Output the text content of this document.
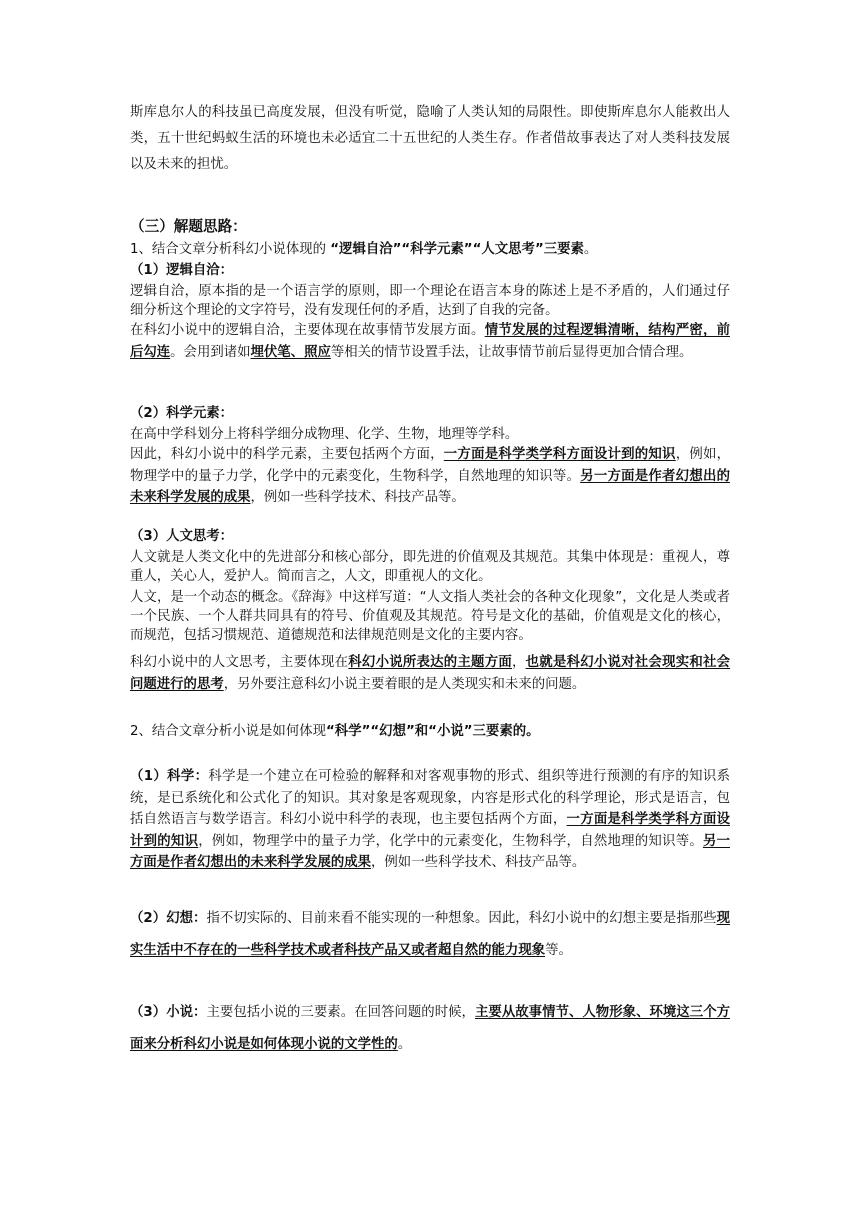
斯库息尔人的科技虽已高度发展，但没有听觉，隐喻了人类认知的局限性。即使斯库息尔人能救出人类，五十世纪蚂蚁生活的环境也未必适宜二十五世纪的人类生存。作者借故事表达了对人类科技发展以及未来的担忧。

（三）解题思路：

1、结合文章分析科幻小说体现的 “逻辑自洽”“科学元素”“人文思考”三要素。

（1）逻辑自洽：

逻辑自洽，原本指的是一个语言学的原则，即一个理论在语言本身的陈述上是不矛盾的，人们通过仔细分析这个理论的文字符号，没有发现任何的矛盾，达到了自我的完备。

在科幻小说中的逻辑自洽，主要体现在故事情节发展方面。情节发展的过程逻辑清晰，结构严密，前后勾连。会用到诸如埋伏笔、照应等相关的情节设置手法，让故事情节前后显得更加合情合理。

（2）科学元素：

在高中学科划分上将科学细分成物理、化学、生物，地理等学科。

因此，科幻小说中的科学元素，主要包括两个方面，一方面是科学类学科方面设计到的知识，例如，物理学中的量子力学，化学中的元素变化，生物科学，自然地理的知识等。另一方面是作者幻想出的未来科学发展的成果，例如一些科学技术、科技产品等。

（3）人文思考：

人文就是人类文化中的先进部分和核心部分，即先进的价值观及其规范。其集中体现是：重视人，尊重人，关心人，爱护人。简而言之，人文，即重视人的文化。

人文，是一个动态的概念。《辞海》中这样写道：“人文指人类社会的各种文化现象”，文化是人类或者一个民族、一个人群共同具有的符号、价值观及其规范。符号是文化的基础，价值观是文化的核心，而规范，包括习惯规范、道德规范和法律规范则是文化的主要内容。

科幻小说中的人文思考，主要体现在科幻小说所表达的主题方面，也就是科幻小说对社会现实和社会问题进行的思考，另外要注意科幻小说主要着眼的是人类现实和未来的问题。

2、结合文章分析小说是如何体现“科学”“幻想”和“小说”三要素的。

（1）科学：科学是一个建立在可检验的解释和对客观事物的形式、组织等进行预测的有序的知识系统，是已系统化和公式化了的知识。其对象是客观现象，内容是形式化的科学理论，形式是语言，包括自然语言与数学语言。科幻小说中科学的表现，也主要包括两个方面，一方面是科学类学科方面设计到的知识，例如，物理学中的量子力学，化学中的元素变化，生物科学，自然地理的知识等。另一方面是作者幻想出的未来科学发展的成果，例如一些科学技术、科技产品等。

（2）幻想：指不切实际的、目前来看不能实现的一种想象。因此，科幻小说中的幻想主要是指那些现实生活中不存在的一些科学技术或者科技产品又或者超自然的能力现象等。

（3）小说：主要包括小说的三要素。在回答问题的时候，主要从故事情节、人物形象、环境这三个方面来分析科幻小说是如何体现小说的文学性的。
